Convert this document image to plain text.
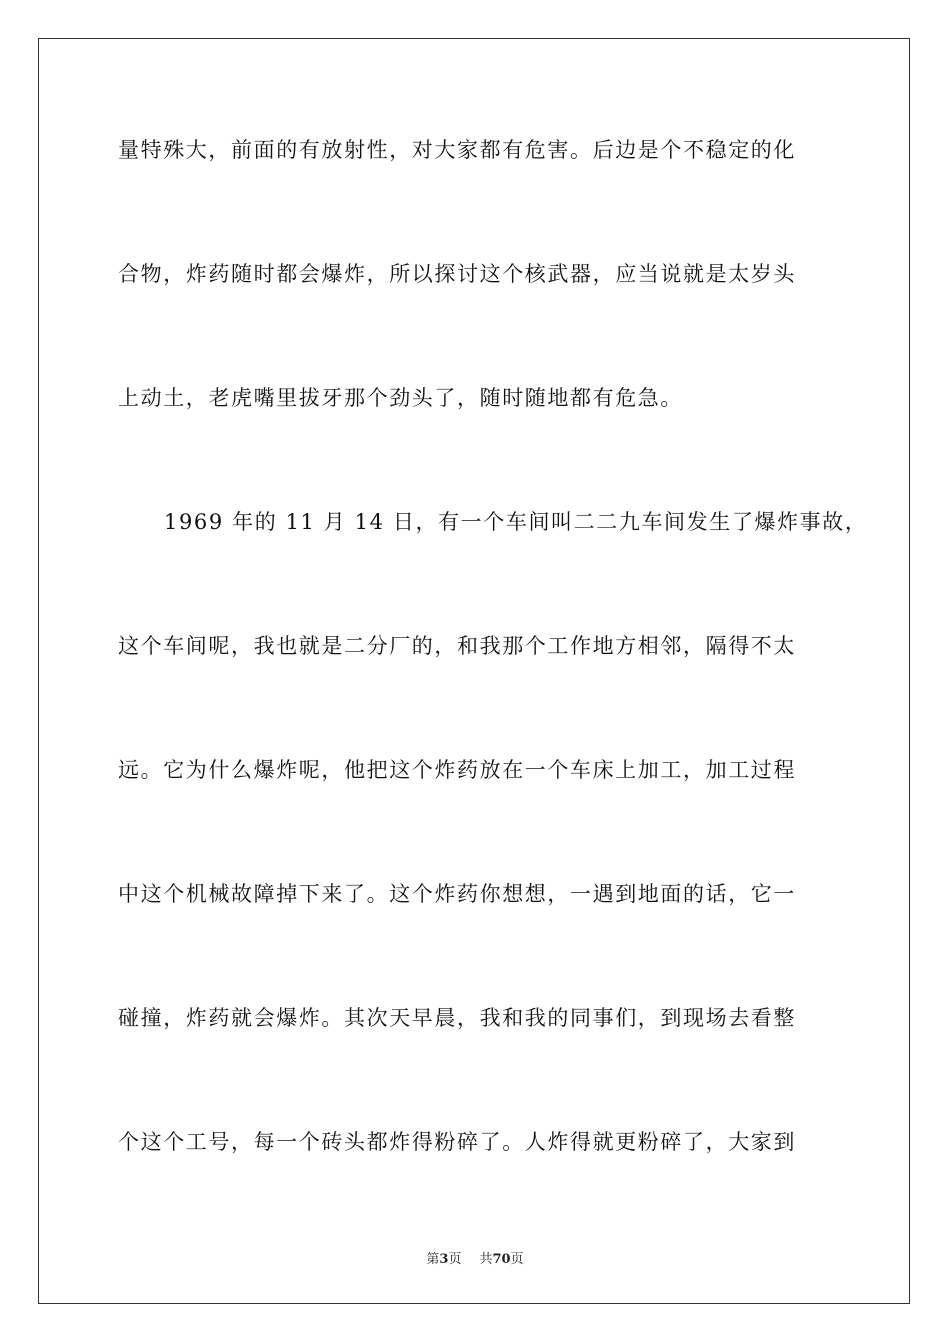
量特殊大，前面的有放射性，对大家都有危害。后边是个不稳定的化
合物，炸药随时都会爆炸，所以探讨这个核武器，应当说就是太岁头
上动土，老虎嘴里拔牙那个劲头了，随时随地都有危急。
1969 年的 11 月 14 日，有一个车间叫二二九车间发生了爆炸事故，
这个车间呢，我也就是二分厂的，和我那个工作地方相邻，隔得不太
远。它为什么爆炸呢，他把这个炸药放在一个车床上加工，加工过程
中这个机械故障掉下来了。这个炸药你想想，一遇到地面的话，它一
碰撞，炸药就会爆炸。其次天早晨，我和我的同事们，到现场去看整
个这个工号，每一个砖头都炸得粉碎了。人炸得就更粉碎了，大家到
第3页 共70页
